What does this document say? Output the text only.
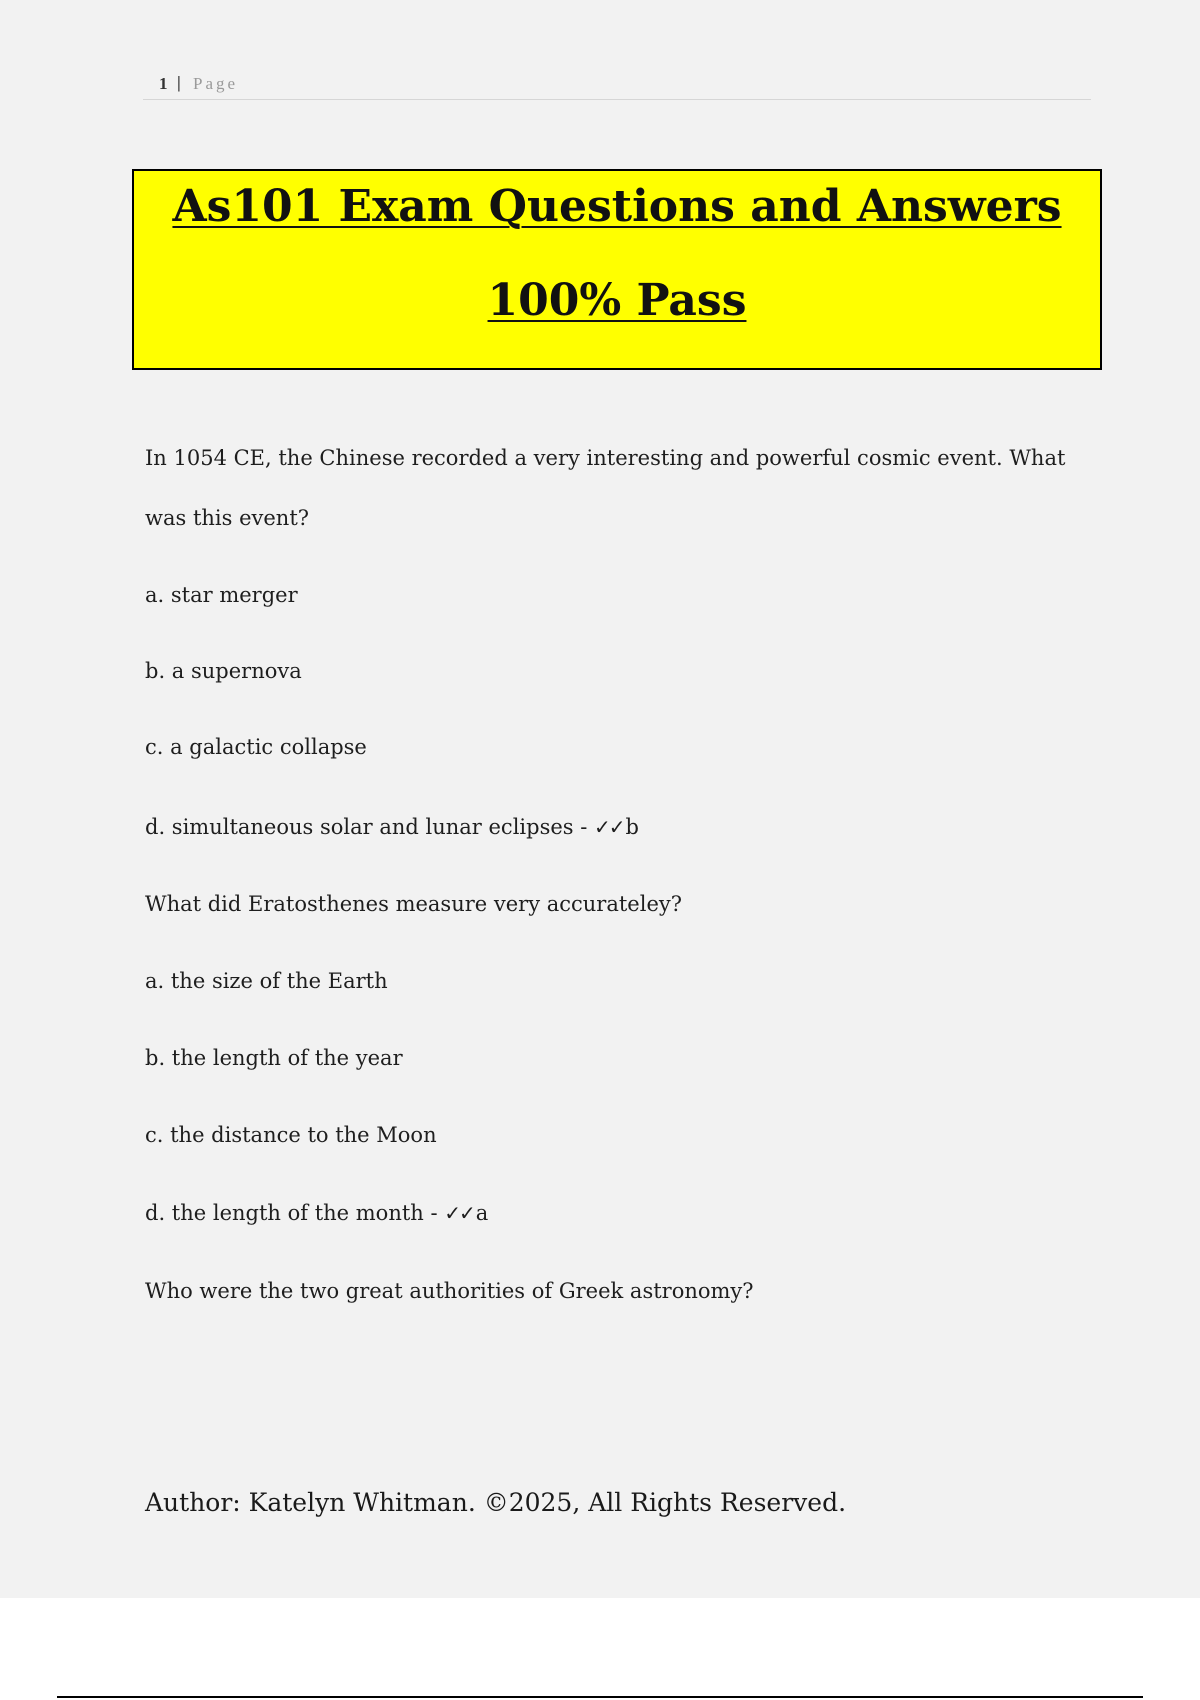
1 | Page
As101 Exam Questions and Answers
100% Pass
In 1054 CE, the Chinese recorded a very interesting and powerful cosmic event. What
was this event?
a. star merger
b. a supernova
c. a galactic collapse
d. simultaneous solar and lunar eclipses - ✓✓b
What did Eratosthenes measure very accurateley?
a. the size of the Earth
b. the length of the year
c. the distance to the Moon
d. the length of the month - ✓✓a
Who were the two great authorities of Greek astronomy?
Author: Katelyn Whitman. ©2025, All Rights Reserved.
